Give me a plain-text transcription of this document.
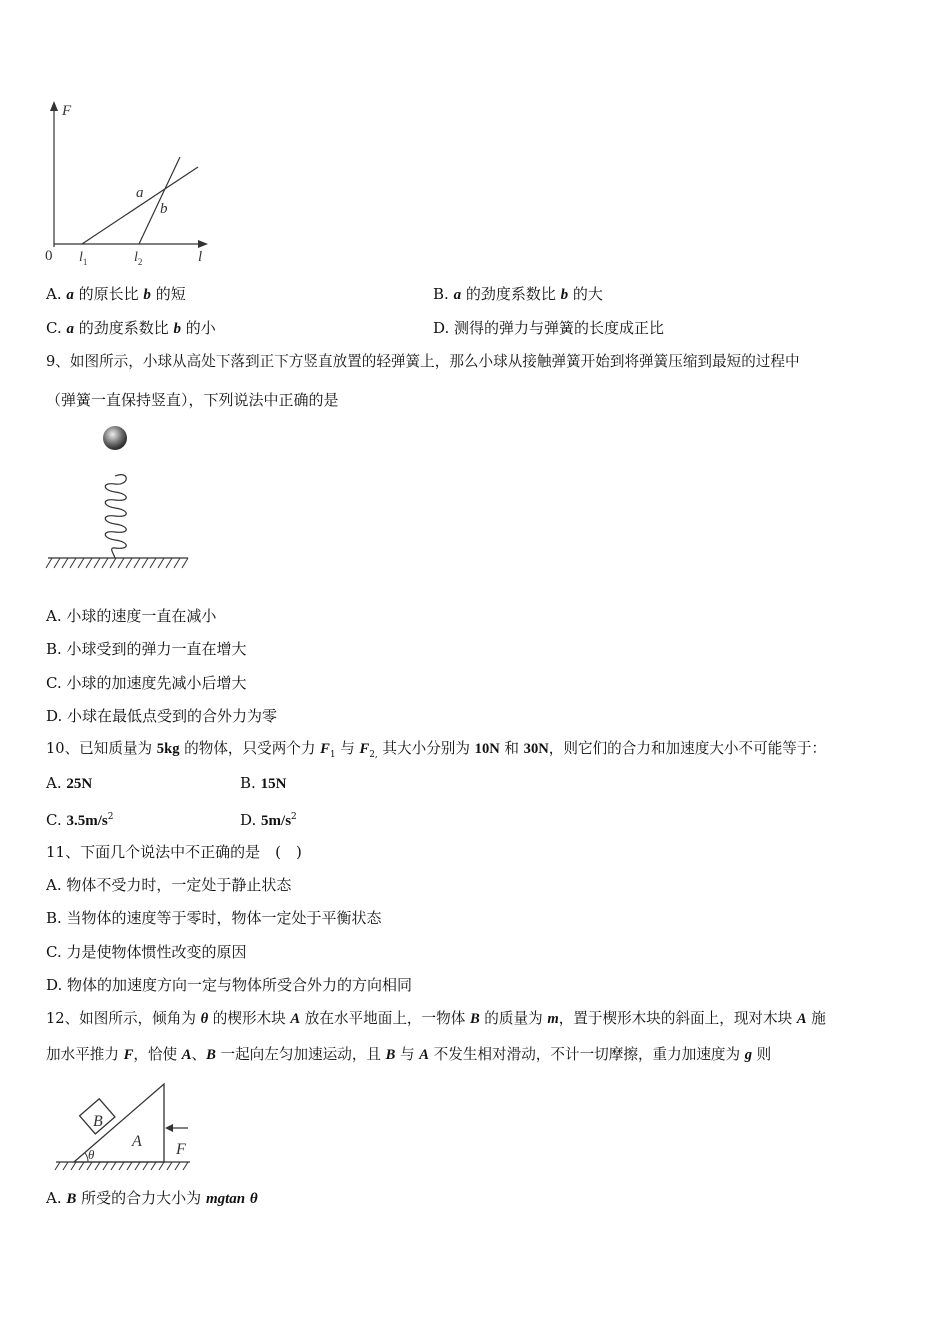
F
0	l
a
b
$l_1$	$l_2$
A. a 的原长比 b 的短	B. a 的劲度系数比 b 的大
C. a 的劲度系数比 b 的小	D. 测得的弹力与弹簧的长度成正比
9、如图所示，小球从高处下落到正下方竖直放置的轻弹簧上，那么小球从接触弹簧开始到将弹簧压缩到最短的过程中
（弹簧一直保持竖直），下列说法中正确的是
A. 小球的速度一直在减小
B. 小球受到的弹力一直在增大
C. 小球的加速度先减小后增大
D. 小球在最低点受到的合外力为零
10、已知质量为 5kg 的物体，只受两个力 $F_1$ 与 $F_{2,}$ 其大小分别为 10N 和 30N，则它们的合力和加速度大小不可能等于：
A. 25N	B. 15N
C. $3.5m/s^2$	D. $5m/s^2$
11、下面几个说法中不正确的是　(　)
A. 物体不受力时，一定处于静止状态
B. 当物体的速度等于零时，物体一定处于平衡状态
C. 力是使物体惯性改变的原因
D. 物体的加速度方向一定与物体所受合外力的方向相同
12、如图所示，倾角为 θ 的楔形木块 A 放在水平地面上，一物体 B 的质量为 m，置于楔形木块的斜面上，现对木块 A 施
加水平推力 F，恰使 A、B 一起向左匀加速运动，且 B 与 A 不发生相对滑动，不计一切摩擦，重力加速度为 g 则
B
A F
θ
A. B 所受的合力大小为 mgtan θ
